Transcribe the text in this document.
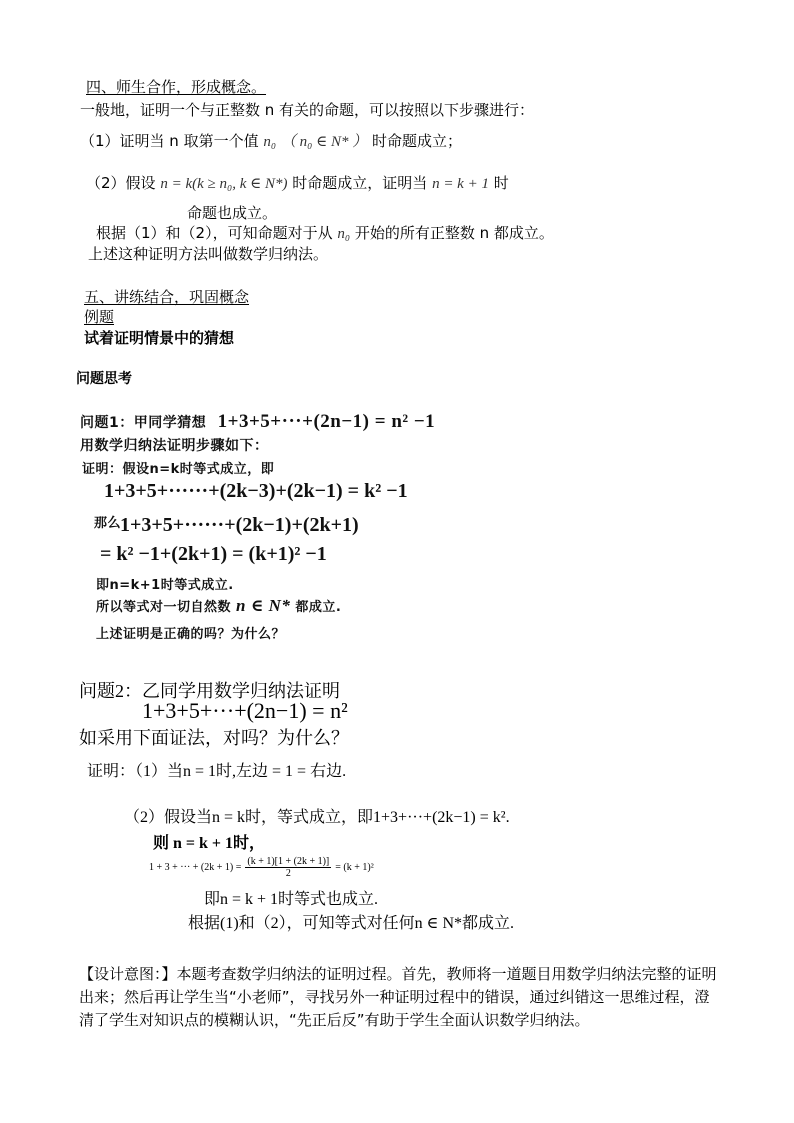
四、师生合作，形成概念。
一般地，证明一个与正整数 n 有关的命题，可以按照以下步骤进行：
（1）证明当 n 取第一个值 n₀ （ n₀ ∈ N* ） 时命题成立；
（2）假设 n = k(k ≥ n₀, k ∈ N*) 时命题成立，证明当 n = k + 1 时
命题也成立。
根据（1）和（2），可知命题对于从 n₀ 开始的所有正整数 n 都成立。
上述这种证明方法叫做数学归纳法。
五、讲练结合，巩固概念
例题
试着证明情景中的猜想
问题思考
问题1：甲同学猜想 1+3+5+···+(2n−1) = n² −1
用数学归纳法证明步骤如下：
证明：假设n=k时等式成立，即
1+3+5+······+(2k−3)+(2k−1) = k² −1
那么
1+3+5+······+(2k−1)+(2k+1)
= k² −1+(2k+1) = (k+1)² −1
即n=k+1时等式成立.
所以等式对一切自然数 n ∈ N* 都成立.
上述证明是正确的吗？为什么？
问题2：乙同学用数学归纳法证明
1+3+5+···+(2n−1) = n²
如采用下面证法，对吗？为什么？
证明：（1）当n = 1时,左边 = 1 = 右边.
（2）假设当n = k时，等式成立，即1+3+···+(2k−1) = k².
则 n = k + 1时，
1 + 3 + ··· + $(2k + 1) = \frac{(k + 1)[1 + (2k + 1)]}{2} = (k + 1)^2$
即n = k + 1时等式也成立.
根据(1)和（2），可知等式对任何n ∈ N*都成立.
【设计意图：】本题考查数学归纳法的证明过程。首先，教师将一道题目用数学归纳法完整的证明出来；然后再让学生当“小老师”，寻找另外一种证明过程中的错误，通过纠错这一思维过程，澄清了学生对知识点的模糊认识，“先正后反”有助于学生全面认识数学归纳法。
